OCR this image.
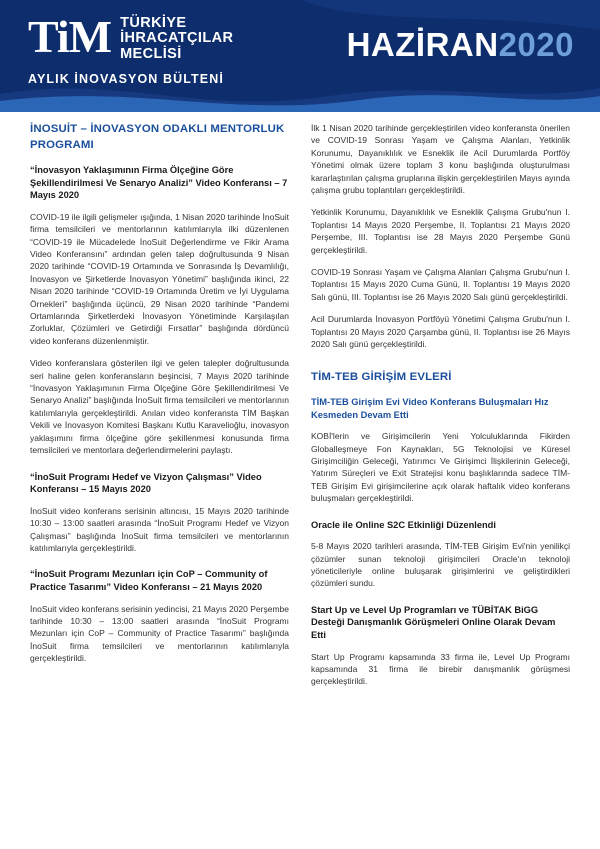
TiM TÜRKİYE
İHRACATÇILAR
MECLİSİ
AYLIK İNOVASYON BÜLTENİ
HAZİRAN2020
İNOSUİT – İNOVASYON ODAKLI MENTORLUK PROGRAMI
“İnovasyon Yaklaşımının Firma Ölçeğine Göre Şekillendirilmesi Ve Senaryo Analizi” Video Konferansı – 7 Mayıs 2020

COVID-19 ile ilgili gelişmeler ışığında, 1 Nisan 2020 tarihinde İnoSuit firma temsilcileri ve mentorlarının katılımlarıyla ilki düzenlenen “COVID-19 ile Mücadelede İnoSuit Değerlendirme ve Fikir Arama Video Konferansını” ardından gelen talep doğrultusunda 9 Nisan 2020 tarihinde “COVID-19 Ortamında ve Sonrasında İş Devamlılığı, İnovasyon ve Şirketlerde İnovasyon Yönetimi” başlığında ikinci, 22 Nisan 2020 tarihinde “COVID-19 Ortamında Üretim ve İyi Uygulama Örnekleri” başlığında üçüncü, 29 Nisan 2020 tarihinde “Pandemi Ortamlarında Şirketlerdeki İnovasyon Yönetiminde Karşılaşılan Zorluklar, Çözümleri ve Getirdiği Fırsatlar” başlığında dördüncü video konferans düzenlenmiştir.

Video konferanslara gösterilen ilgi ve gelen talepler doğrultusunda seri haline gelen konferansların beşincisi, 7 Mayıs 2020 tarihinde “İnovasyon Yaklaşımının Firma Ölçeğine Göre Şekillendirilmesi Ve Senaryo Analizi” başlığında İnoSuit firma temsilcileri ve mentorlarının katılımlarıyla gerçekleştirildi. Anılan video konferansta TİM Başkan Vekili ve İnovasyon Komitesi Başkanı Kutlu Karavelioğlu, inovasyon yaklaşımını firma ölçeğine göre şekillenmesi konusunda firma temsilcileri ve mentorlara değerlendirmelerini paylaştı.

“İnoSuit Programı Hedef ve Vizyon Çalışması” Video Konferansı – 15 Mayıs 2020

İnoSuit video konferans serisinin altıncısı, 15 Mayıs 2020 tarihinde 10:30 – 13:00 saatleri arasında “İnoSuit Programı Hedef ve Vizyon Çalışması” başlığında İnoSuit firma temsilcileri ve mentorlarının katılımlarıyla gerçekleştirildi.

“İnoSuit Programı Mezunları için CoP – Community of Practice Tasarımı” Video Konferansı – 21 Mayıs 2020

İnoSuit video konferans serisinin yedincisi, 21 Mayıs 2020 Perşembe tarihinde 10:30 – 13:00 saatleri arasında “İnoSuit Programı Mezunları için CoP – Community of Practice Tasarımı” başlığında İnoSuit firma temsilcileri ve mentorlarının katılımlarıyla gerçekleştirildi.

İlk 1 Nisan 2020 tarihinde gerçekleştirilen video konferansta önerilen ve COVID-19 Sonrası Yaşam ve Çalışma Alanları, Yetkinlik Korunumu, Dayanıklılık ve Esneklik ile Acil Durumlarda Portföy Yönetimi olmak üzere toplam 3 konu başlığında oluşturulması kararlaştırılan çalışma gruplarına ilişkin gerçekleştirilen Mayıs ayında çalışma grubu toplantıları gerçekleştirildi.

Yetkinlik Korunumu, Dayanıklılık ve Esneklik Çalışma Grubu'nun I. Toplantısı 14 Mayıs 2020 Perşembe, II. Toplantısı 21 Mayıs 2020 Perşembe, III. Toplantısı ise 28 Mayıs 2020 Perşembe Günü gerçekleştirildi.

COVID-19 Sonrası Yaşam ve Çalışma Alanları Çalışma Grubu'nun I. Toplantısı 15 Mayıs 2020 Cuma Günü, II. Toplantısı 19 Mayıs 2020 Salı günü, III. Toplantısı ise 26 Mayıs 2020 Salı günü gerçekleştirildi.

Acil Durumlarda İnovasyon Portföyü Yönetimi Çalışma Grubu'nun I. Toplantısı 20 Mayıs 2020 Çarşamba günü, II. Toplantısı ise 26 Mayıs 2020 Salı günü gerçekleştirildi.

TİM-TEB GİRİŞİM EVLERİ
TİM-TEB Girişim Evi Video Konferans Buluşmaları Hız Kesmeden Devam Etti

KOBİ'lerin ve Girişimcilerin Yeni Yolculuklarında Fikirden Globalleşmeye Fon Kaynakları, 5G Teknolojisi ve Küresel Girişimciliğin Geleceği, Yatırımcı Ve Girişimci İlişkilerinin Geleceği, Yatırım Süreçleri ve Exit Stratejisi konu başlıklarında sadece TİM-TEB Girişim Evi girişimcilerine açık olarak haftalık video konferans buluşmaları gerçekleştirildi.

Oracle ile Online S2C Etkinliği Düzenlendi

5-8 Mayıs 2020 tarihleri arasında, TİM-TEB Girişim Evi'nin yenilikçi çözümler sunan teknoloji girişimcileri Oracle'ın teknoloji yöneticileriyle online buluşarak girişimlerini ve geliştirdikleri çözümleri sundu.

Start Up ve Level Up Programları ve TÜBİTAK BiGG Desteği Danışmanlık Görüşmeleri Online Olarak Devam Etti

Start Up Programı kapsamında 33 firma ile, Level Up Programı kapsamında 31 firma ile birebir danışmanlık görüşmesi gerçekleştirildi.
